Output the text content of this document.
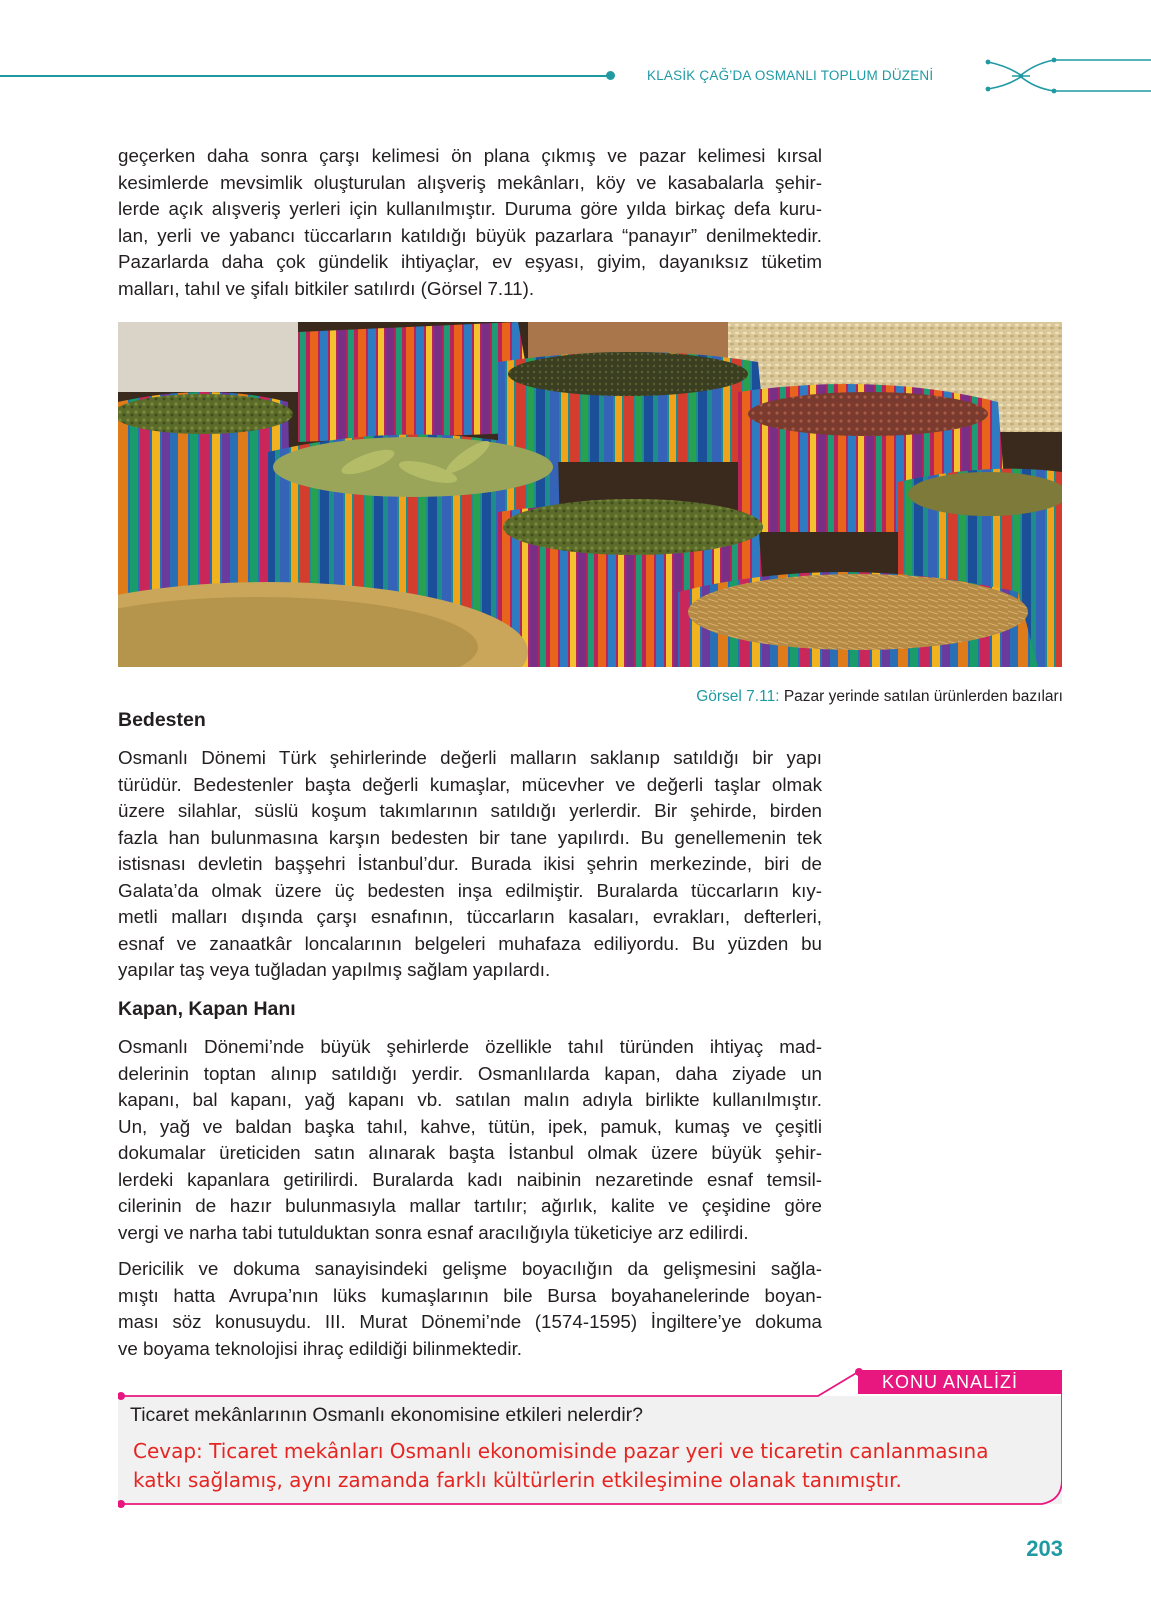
KLASİK ÇAĞ’DA OSMANLI TOPLUM DÜZENİ
geçerken daha sonra çarşı kelimesi ön plana çıkmış ve pazar kelimesi kırsal
kesimlerde mevsimlik oluşturulan alışveriş mekânları, köy ve kasabalarla şehir-
lerde açık alışveriş yerleri için kullanılmıştır. Duruma göre yılda birkaç defa kuru-
lan, yerli ve yabancı tüccarların katıldığı büyük pazarlara “panayır” denilmektedir.
Pazarlarda daha çok gündelik ihtiyaçlar, ev eşyası, giyim, dayanıksız tüketim
malları, tahıl ve şifalı bitkiler satılırdı (Görsel 7.11).
Görsel 7.11: Pazar yerinde satılan ürünlerden bazıları
Bedesten
Osmanlı Dönemi Türk şehirlerinde değerli malların saklanıp satıldığı bir yapı
türüdür. Bedestenler başta değerli kumaşlar, mücevher ve değerli taşlar olmak
üzere silahlar, süslü koşum takımlarının satıldığı yerlerdir. Bir şehirde, birden
fazla han bulunmasına karşın bedesten bir tane yapılırdı. Bu genellemenin tek
istisnası devletin başşehri İstanbul’dur. Burada ikisi şehrin merkezinde, biri de
Galata’da olmak üzere üç bedesten inşa edilmiştir. Buralarda tüccarların kıy-
metli malları dışında çarşı esnafının, tüccarların kasaları, evrakları, defterleri,
esnaf ve zanaatkâr loncalarının belgeleri muhafaza ediliyordu. Bu yüzden bu
yapılar taş veya tuğladan yapılmış sağlam yapılardı.
Kapan, Kapan Hanı
Osmanlı Dönemi’nde büyük şehirlerde özellikle tahıl türünden ihtiyaç mad-
delerinin toptan alınıp satıldığı yerdir. Osmanlılarda kapan, daha ziyade un
kapanı, bal kapanı, yağ kapanı vb. satılan malın adıyla birlikte kullanılmıştır.
Un, yağ ve baldan başka tahıl, kahve, tütün, ipek, pamuk, kumaş ve çeşitli
dokumalar üreticiden satın alınarak başta İstanbul olmak üzere büyük şehir-
lerdeki kapanlara getirilirdi. Buralarda kadı naibinin nezaretinde esnaf temsil-
cilerinin de hazır bulunmasıyla mallar tartılır; ağırlık, kalite ve çeşidine göre
vergi ve narha tabi tutulduktan sonra esnaf aracılığıyla tüketiciye arz edilirdi.
Dericilik ve dokuma sanayisindeki gelişme boyacılığın da gelişmesini sağla-
mıştı hatta Avrupa’nın lüks kumaşlarının bile Bursa boyahanelerinde boyan-
ması söz konusuydu. III. Murat Dönemi’nde (1574-1595) İngiltere’ye dokuma
ve boyama teknolojisi ihraç edildiği bilinmektedir.
KONU ANALİZİ
Ticaret mekânlarının Osmanlı ekonomisine etkileri nelerdir?
Cevap: Ticaret mekânları Osmanlı ekonomisinde pazar yeri ve ticaretin canlanmasına
katkı sağlamış, aynı zamanda farklı kültürlerin etkileşimine olanak tanımıştır.
203
